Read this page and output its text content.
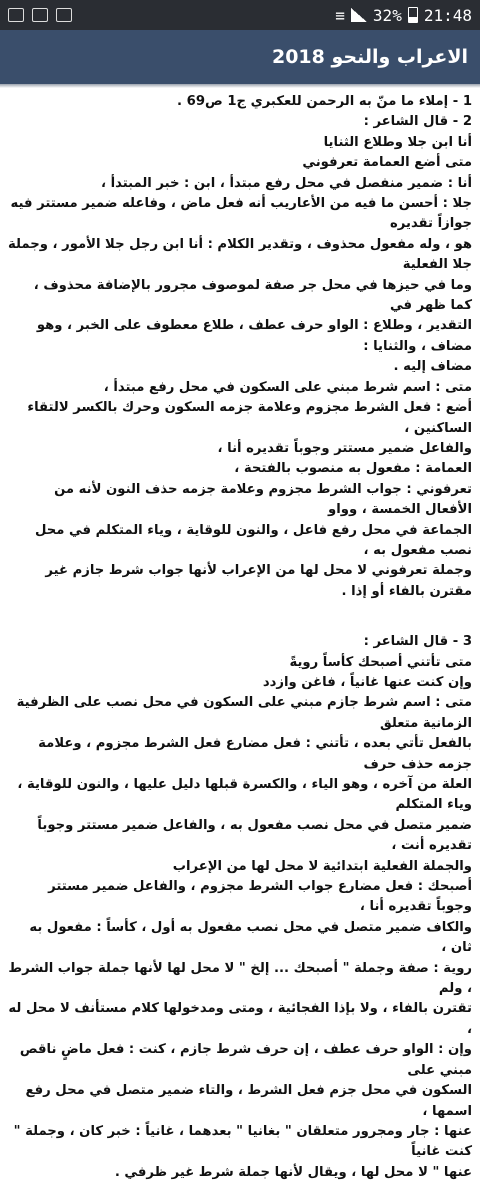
≡ 32% 21:48
الاعراب والنحو 2018

1 - إملاء ما منّ به الرحمن للعكبري ج1 ص69 .

2 - قال الشاعر :

أنا ابن جلا وطلاع الثنايا

متى أضع العمامة تعرفوني

أنا : ضمير منفصل في محل رفع مبتدأ ، ابن : خبر المبتدأ ،

جلا : أحسن ما فيه من الأعاريب أنه فعل ماض ، وفاعله ضمير مستتر فيه جوازاً تقديره

هو ، وله مفعول محذوف ، وتقدير الكلام : أنا ابن رجل جلا الأمور ، وجملة جلا الفعلية

وما في حيزها في محل جر صفة لموصوف مجرور بالإضافة محذوف ، كما ظهر في

التقدير ، وطلاع : الواو حرف عطف ، طلاع معطوف على الخبر ، وهو مضاف ، والثنايا :

مضاف إليه .

متى : اسم شرط مبني على السكون في محل رفع مبتدأ ،

أضع : فعل الشرط مجزوم وعلامة جزمه السكون وحرك بالكسر لالتقاء الساكنين ،

والفاعل ضمير مستتر وجوباً تقديره أنا ،

العمامة : مفعول به منصوب بالفتحة ،

تعرفوني : جواب الشرط مجزوم وعلامة جزمه حذف النون لأنه من الأفعال الخمسة ، وواو

الجماعة في محل رفع فاعل ، والنون للوقاية ، وياء المتكلم في محل نصب مفعول به ،

وجملة تعرفوني لا محل لها من الإعراب لأنها جواب شرط جازم غير مقترن بالفاء أو إذا .

3 - قال الشاعر :

متى تأتني أصبحك كأساً رويةً

وإن كنت عنها غانياً ، فاغن وازدد

متى : اسم شرط جازم مبني على السكون في محل نصب على الظرفية الزمانية متعلق

بالفعل تأتي بعده ، تأتني : فعل مضارع فعل الشرط مجزوم ، وعلامة جزمه حذف حرف

العلة من آخره ، وهو الياء ، والكسرة قبلها دليل عليها ، والنون للوقاية ، وياء المتكلم

ضمير متصل في محل نصب مفعول به ، والفاعل ضمير مستتر وجوباً تقديره أنت ،

والجملة الفعلية ابتدائية لا محل لها من الإعراب

أصبحك : فعل مضارع جواب الشرط مجزوم ، والفاعل ضمير مستتر وجوباً تقديره أنا ،

والكاف ضمير متصل في محل نصب مفعول به أول ، كأساً : مفعول به ثان ،

روية : صفة وجملة " أصبحك ... إلخ " لا محل لها لأنها جملة جواب الشرط ، ولم

تقترن بالفاء ، ولا بإذا الفجائية ، ومتى ومدخولها كلام مستأنف لا محل له ،

وإن : الواو حرف عطف ، إن حرف شرط جازم ، كنت : فعل ماضٍ ناقص مبني على

السكون في محل جزم فعل الشرط ، والتاء ضمير متصل في محل رفع اسمها ،

عنها : جار ومجرور متعلقان " بغانيا " بعدهما ، غانياً : خبر كان ، وجملة " كنت غانياً

عنها " لا محل لها ، ويقال لأنها جملة شرط غير ظرفي .
